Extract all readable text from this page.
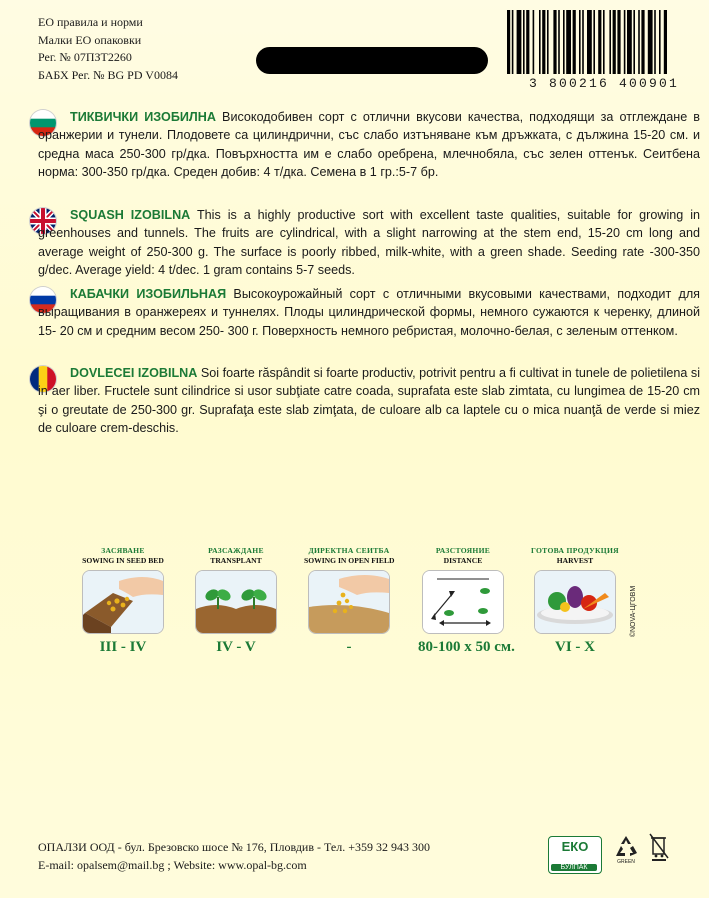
ЕО правила и норми
Малки ЕО опаковки
Рег. № 07ПЗТ2260
БАБХ Рег. № BG PD V0084
3 800216 400901
ТИКВИЧКИ ИЗОБИЛНА Високодобивен сорт с отлични вкусови качества, подходящи за отглеждане в оранжерии и тунели. Плодовете са цилиндрични, със слабо изтъняване към дръжката, с дължина 15-20 см. и средна маса 250-300 гр/дка. Повърхността им е слабо оребрена, млечнобяла, със зелен оттенък. Сеитбена норма: 300-350 гр/дка. Среден добив: 4 т/дка. Семена в 1 гр.:5-7 бр.
SQUASH IZOBILNA This is a highly productive sort with excellent taste qualities, suitable for growing in greenhouses and tunnels. The fruits are cylindrical, with a slight narrowing at the stem end, 15-20 cm long and average weight of 250-300 g. The surface is poorly ribbed, milk-white, with a green shade. Seeding rate -300-350 g/dec. Average yield: 4 t/dec. 1 gram contains 5-7 seeds.
КАБАЧКИ ИЗОБИЛЬНАЯ Высокоурожайный сорт с отличными вкусовыми качествами, подходит для выращивания в оранжереях и туннелях. Плоды цилиндрической формы, немного сужаются к черенку, длиной 15- 20 см и средним весом 250- 300 г. Поверхность немного ребристая, молочно-белая, с зеленым оттенком.
DOVLECEI IZOBILNA Soi foarte răspândit si foarte productiv, potrivit pentru a fi cultivat in tunele de polietilena si in aer liber. Fructele sunt cilindrice si usor subţiate catre coada, suprafata este slab zimtata, cu lungimea de 15-20 cm şi o greutate de 250-300 gr. Suprafaţa este slab zimţata, de culoare alb ca laptele cu o mica nuanţă de verde si miez de culoare crem-deschis.
ЗАСЯВАНЕ
SOWING IN SEED BED
III - IV
РАЗСАЖДАНЕ
TRANSPLANT
IV - V
ДИРЕКТНА СЕИТБА
SOWING IN OPEN FIELD
-
РАЗСТОЯНИЕ
DISTANCE
80-100 x 50 см.
ГОТОВА ПРОДУКЦИЯ
HARVEST
VI - X
©NOVA-ЦГОВМ
ОПАЛЗИ ООД - бул. Брезовско шосе № 176, Пловдив - Тел. +359 32 943 300
E-mail: opalsem@mail.bg ; Website: www.opal-bg.com
ЕКО
БУЛПАК
GREEN
